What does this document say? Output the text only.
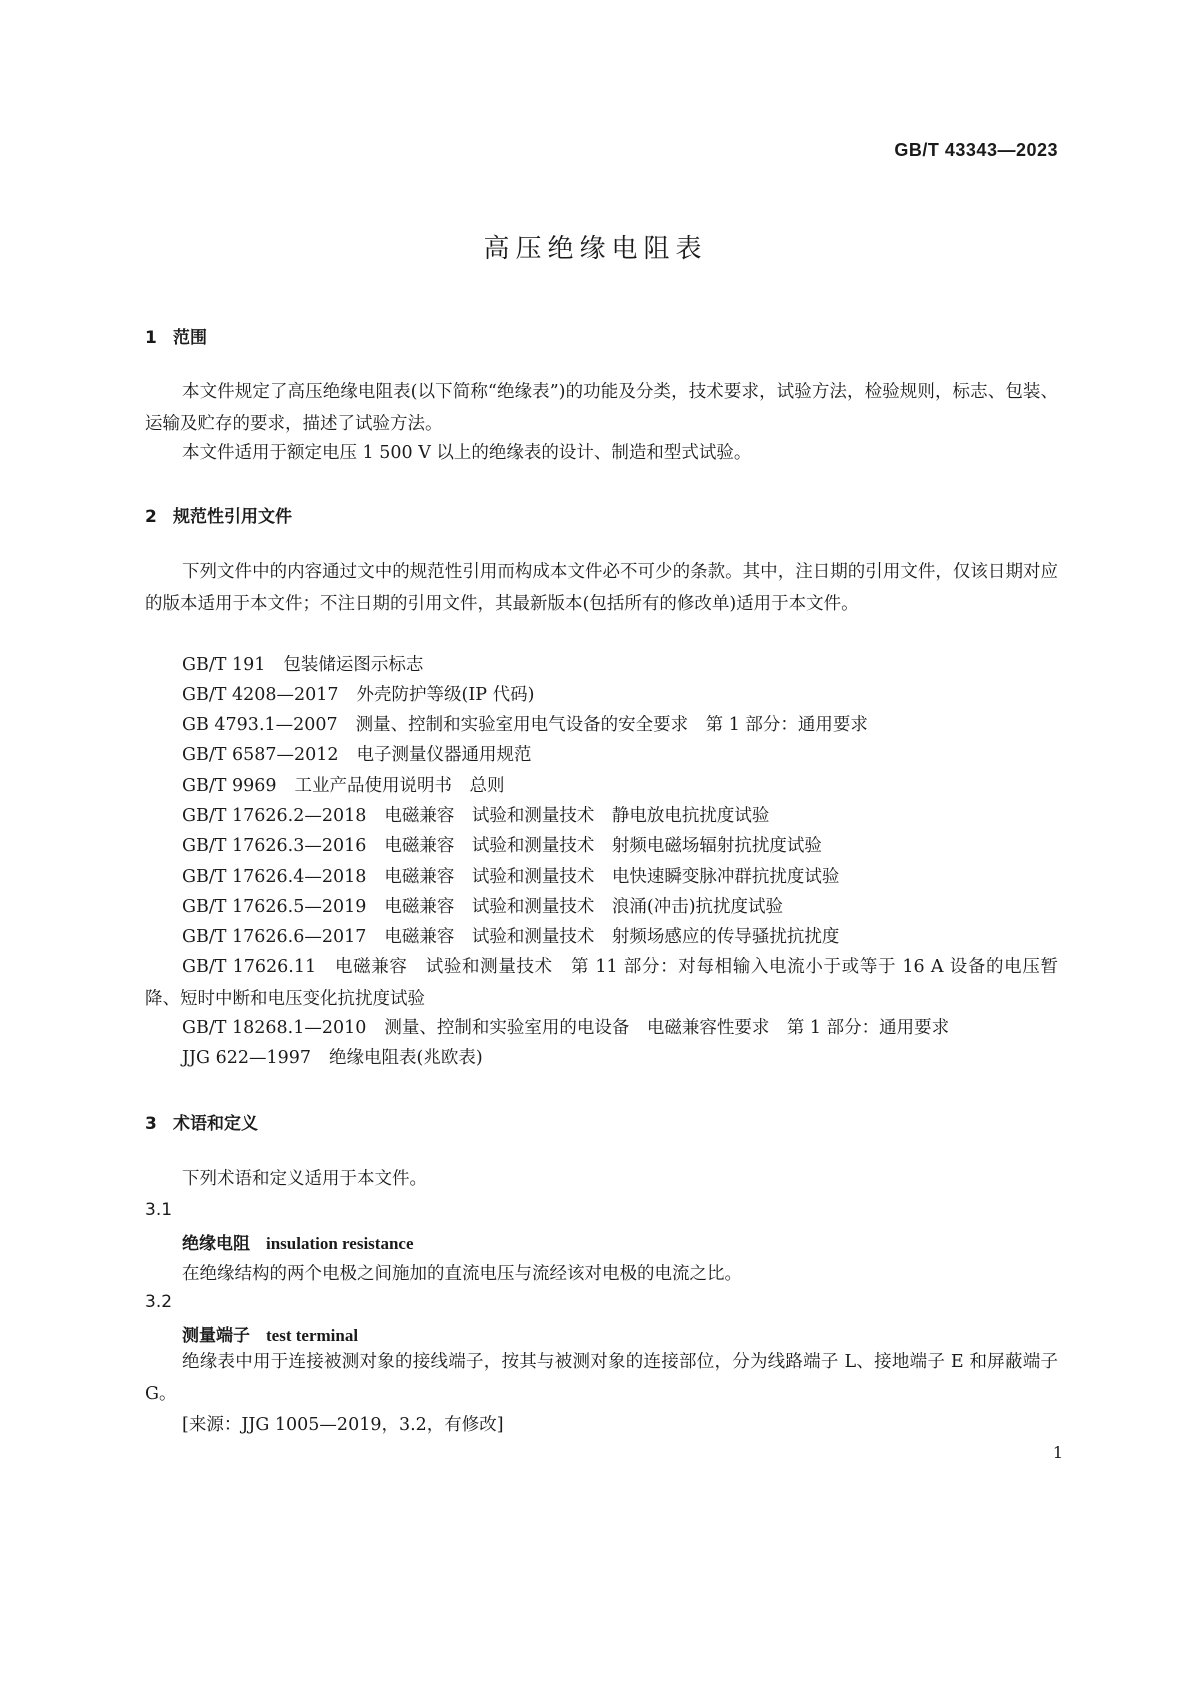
GB/T 43343—2023
高压绝缘电阻表
1 范围
本文件规定了高压绝缘电阻表(以下简称“绝缘表”)的功能及分类，技术要求，试验方法，检验规则，标志、包装、运输及贮存的要求，描述了试验方法。
本文件适用于额定电压 1 500 V 以上的绝缘表的设计、制造和型式试验。
2 规范性引用文件
下列文件中的内容通过文中的规范性引用而构成本文件必不可少的条款。其中，注日期的引用文件，仅该日期对应的版本适用于本文件；不注日期的引用文件，其最新版本(包括所有的修改单)适用于本文件。
GB/T 191 包装储运图示标志
GB/T 4208—2017 外壳防护等级(IP 代码)
GB 4793.1—2007 测量、控制和实验室用电气设备的安全要求　第 1 部分：通用要求
GB/T 6587—2012 电子测量仪器通用规范
GB/T 9969 工业产品使用说明书　总则
GB/T 17626.2—2018 电磁兼容　试验和测量技术　静电放电抗扰度试验
GB/T 17626.3—2016 电磁兼容　试验和测量技术　射频电磁场辐射抗扰度试验
GB/T 17626.4—2018 电磁兼容　试验和测量技术　电快速瞬变脉冲群抗扰度试验
GB/T 17626.5—2019 电磁兼容　试验和测量技术　浪涌(冲击)抗扰度试验
GB/T 17626.6—2017 电磁兼容　试验和测量技术　射频场感应的传导骚扰抗扰度
GB/T 17626.11　电磁兼容　试验和测量技术　第 11 部分：对每相输入电流小于或等于 16 A 设备的电压暂降、短时中断和电压变化抗扰度试验
GB/T 18268.1—2010 测量、控制和实验室用的电设备　电磁兼容性要求　第 1 部分：通用要求
JJG 622—1997 绝缘电阻表(兆欧表)
3 术语和定义
下列术语和定义适用于本文件。
3.1
绝缘电阻 insulation resistance
在绝缘结构的两个电极之间施加的直流电压与流经该对电极的电流之比。
3.2
测量端子 test terminal
绝缘表中用于连接被测对象的接线端子，按其与被测对象的连接部位，分为线路端子 L、接地端子 E 和屏蔽端子 G。
[来源：JJG 1005—2019，3.2，有修改]
1
